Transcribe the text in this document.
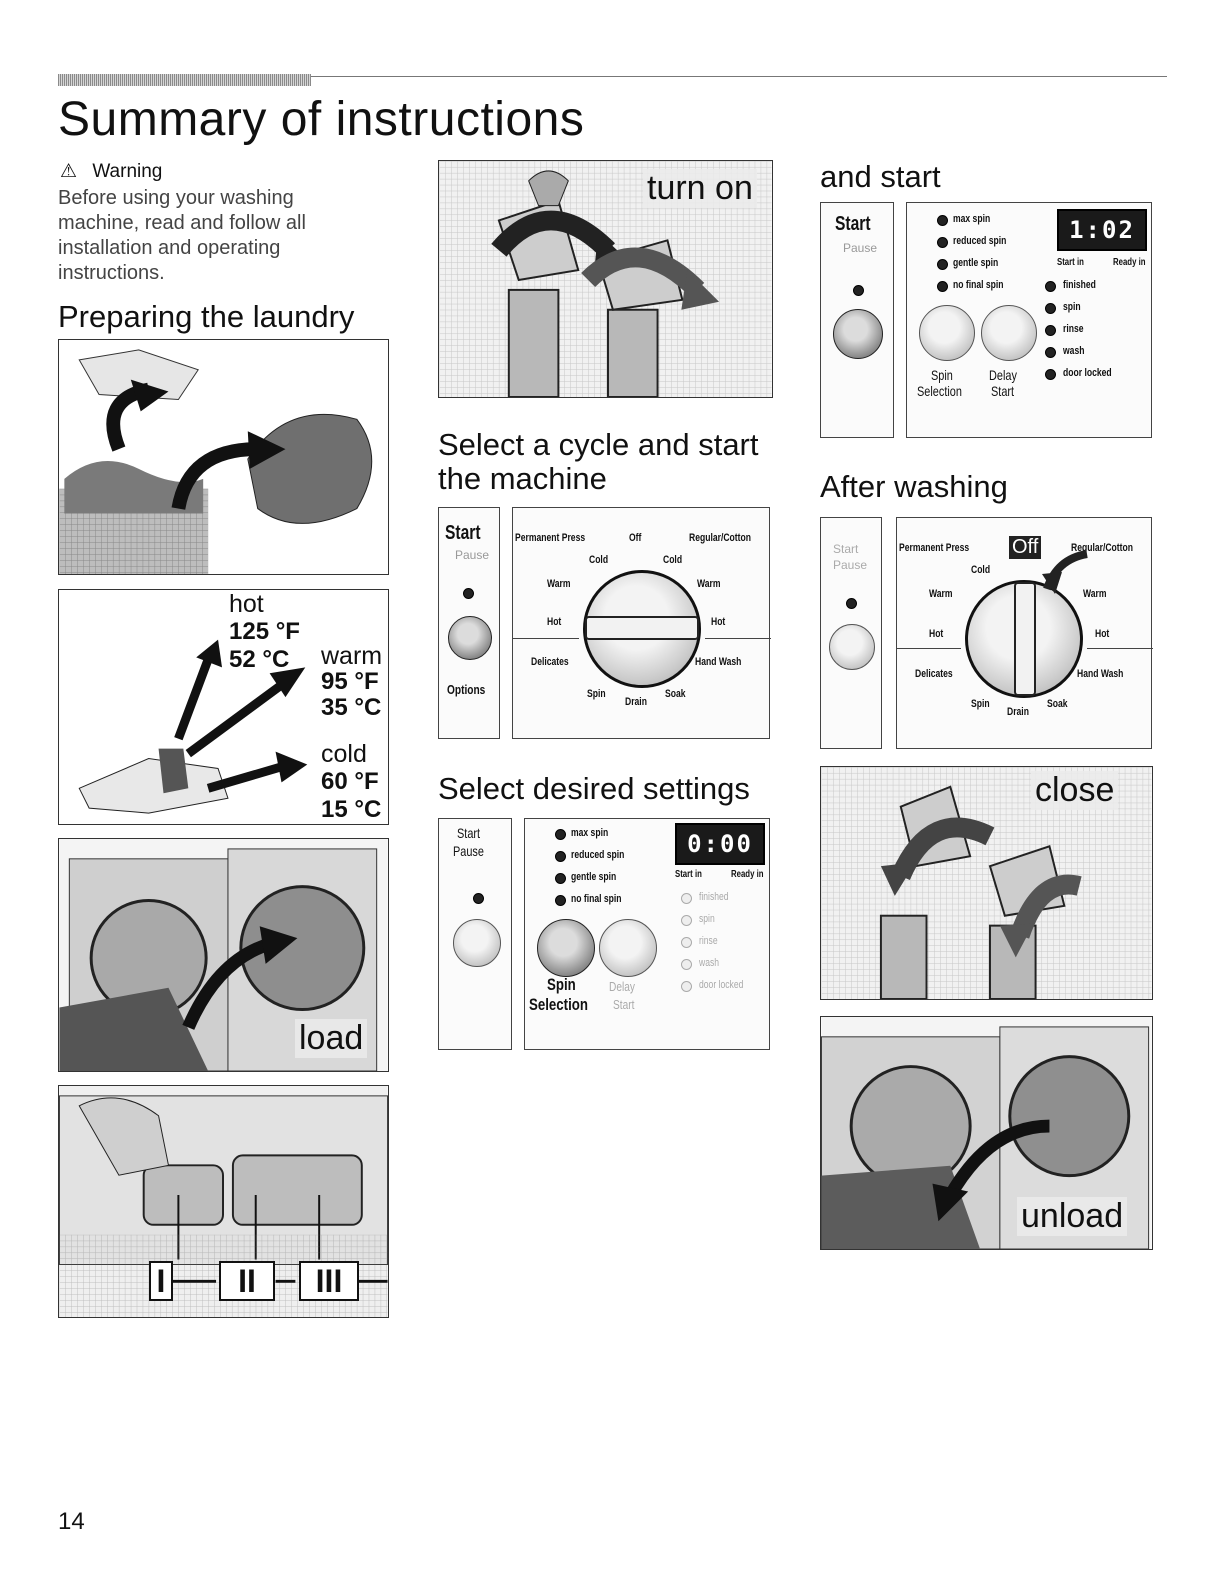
Summary of instructions
⚠ Warning
Before using your washing machine, read and follow all installation and operating instructions.
Preparing the laundry
hot
125 °F
52 °C warm
95 °F
35 °C
cold
60 °F
15 °C
load
I	II	III
turn on
Select a cycle and start the machine
Start
Pause
Options
Permanent Press	Off	Regular/Cotton
Cold	Cold
Warm	Warm
Hot	Hot
Delicates	Hand Wash
Spin
Drain
Soak
Select desired settings
Start
Pause
max spin
reduced spin
gentle spin
no final spin
0:00
Start in	Ready in
finished
spin
rinse
wash
door locked
Spin
Selection
Delay
Start
and start
Start
Pause
max spin
reduced spin
gentle spin
no final spin
1:02
Start in	Ready in
finished
spin
rinse
wash
door locked
Spin
Selection
Delay
Start
After washing
Start
Pause
Permanent Press	Off	Regular/Cotton
Cold
Warm	Warm
Hot	Hot
Delicates	Hand Wash
Spin
Drain
Soak
close
unload
14
